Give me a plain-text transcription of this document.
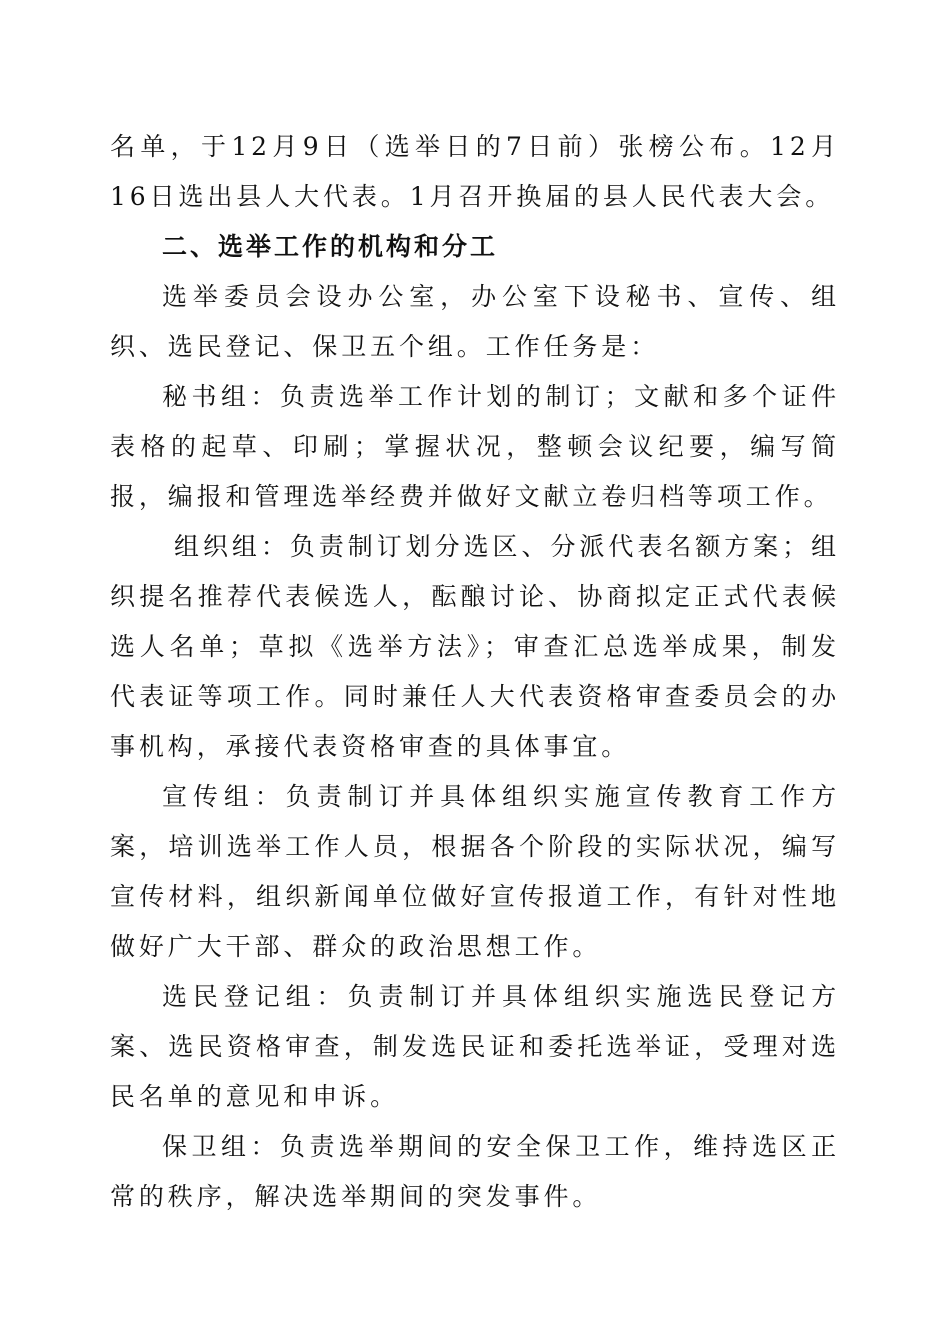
名单，于12月9日（选举日的7日前）张榜公布。12月16日选出县人大代表。1月召开换届的县人民代表大会。

二、选举工作的机构和分工

选举委员会设办公室，办公室下设秘书、宣传、组织、选民登记、保卫五个组。工作任务是：

秘书组：负责选举工作计划的制订；文献和多个证件表格的起草、印刷；掌握状况，整顿会议纪要，编写简报，编报和管理选举经费并做好文献立卷归档等项工作。

组织组：负责制订划分选区、分派代表名额方案；组织提名推荐代表候选人，酝酿讨论、协商拟定正式代表候选人名单；草拟《选举方法》；审查汇总选举成果，制发代表证等项工作。同时兼任人大代表资格审查委员会的办事机构，承接代表资格审查的具体事宜。

宣传组：负责制订并具体组织实施宣传教育工作方案，培训选举工作人员，根据各个阶段的实际状况，编写宣传材料，组织新闻单位做好宣传报道工作，有针对性地做好广大干部、群众的政治思想工作。

选民登记组：负责制订并具体组织实施选民登记方案、选民资格审查，制发选民证和委托选举证，受理对选民名单的意见和申诉。

保卫组：负责选举期间的安全保卫工作，维持选区正常的秩序，解决选举期间的突发事件。
